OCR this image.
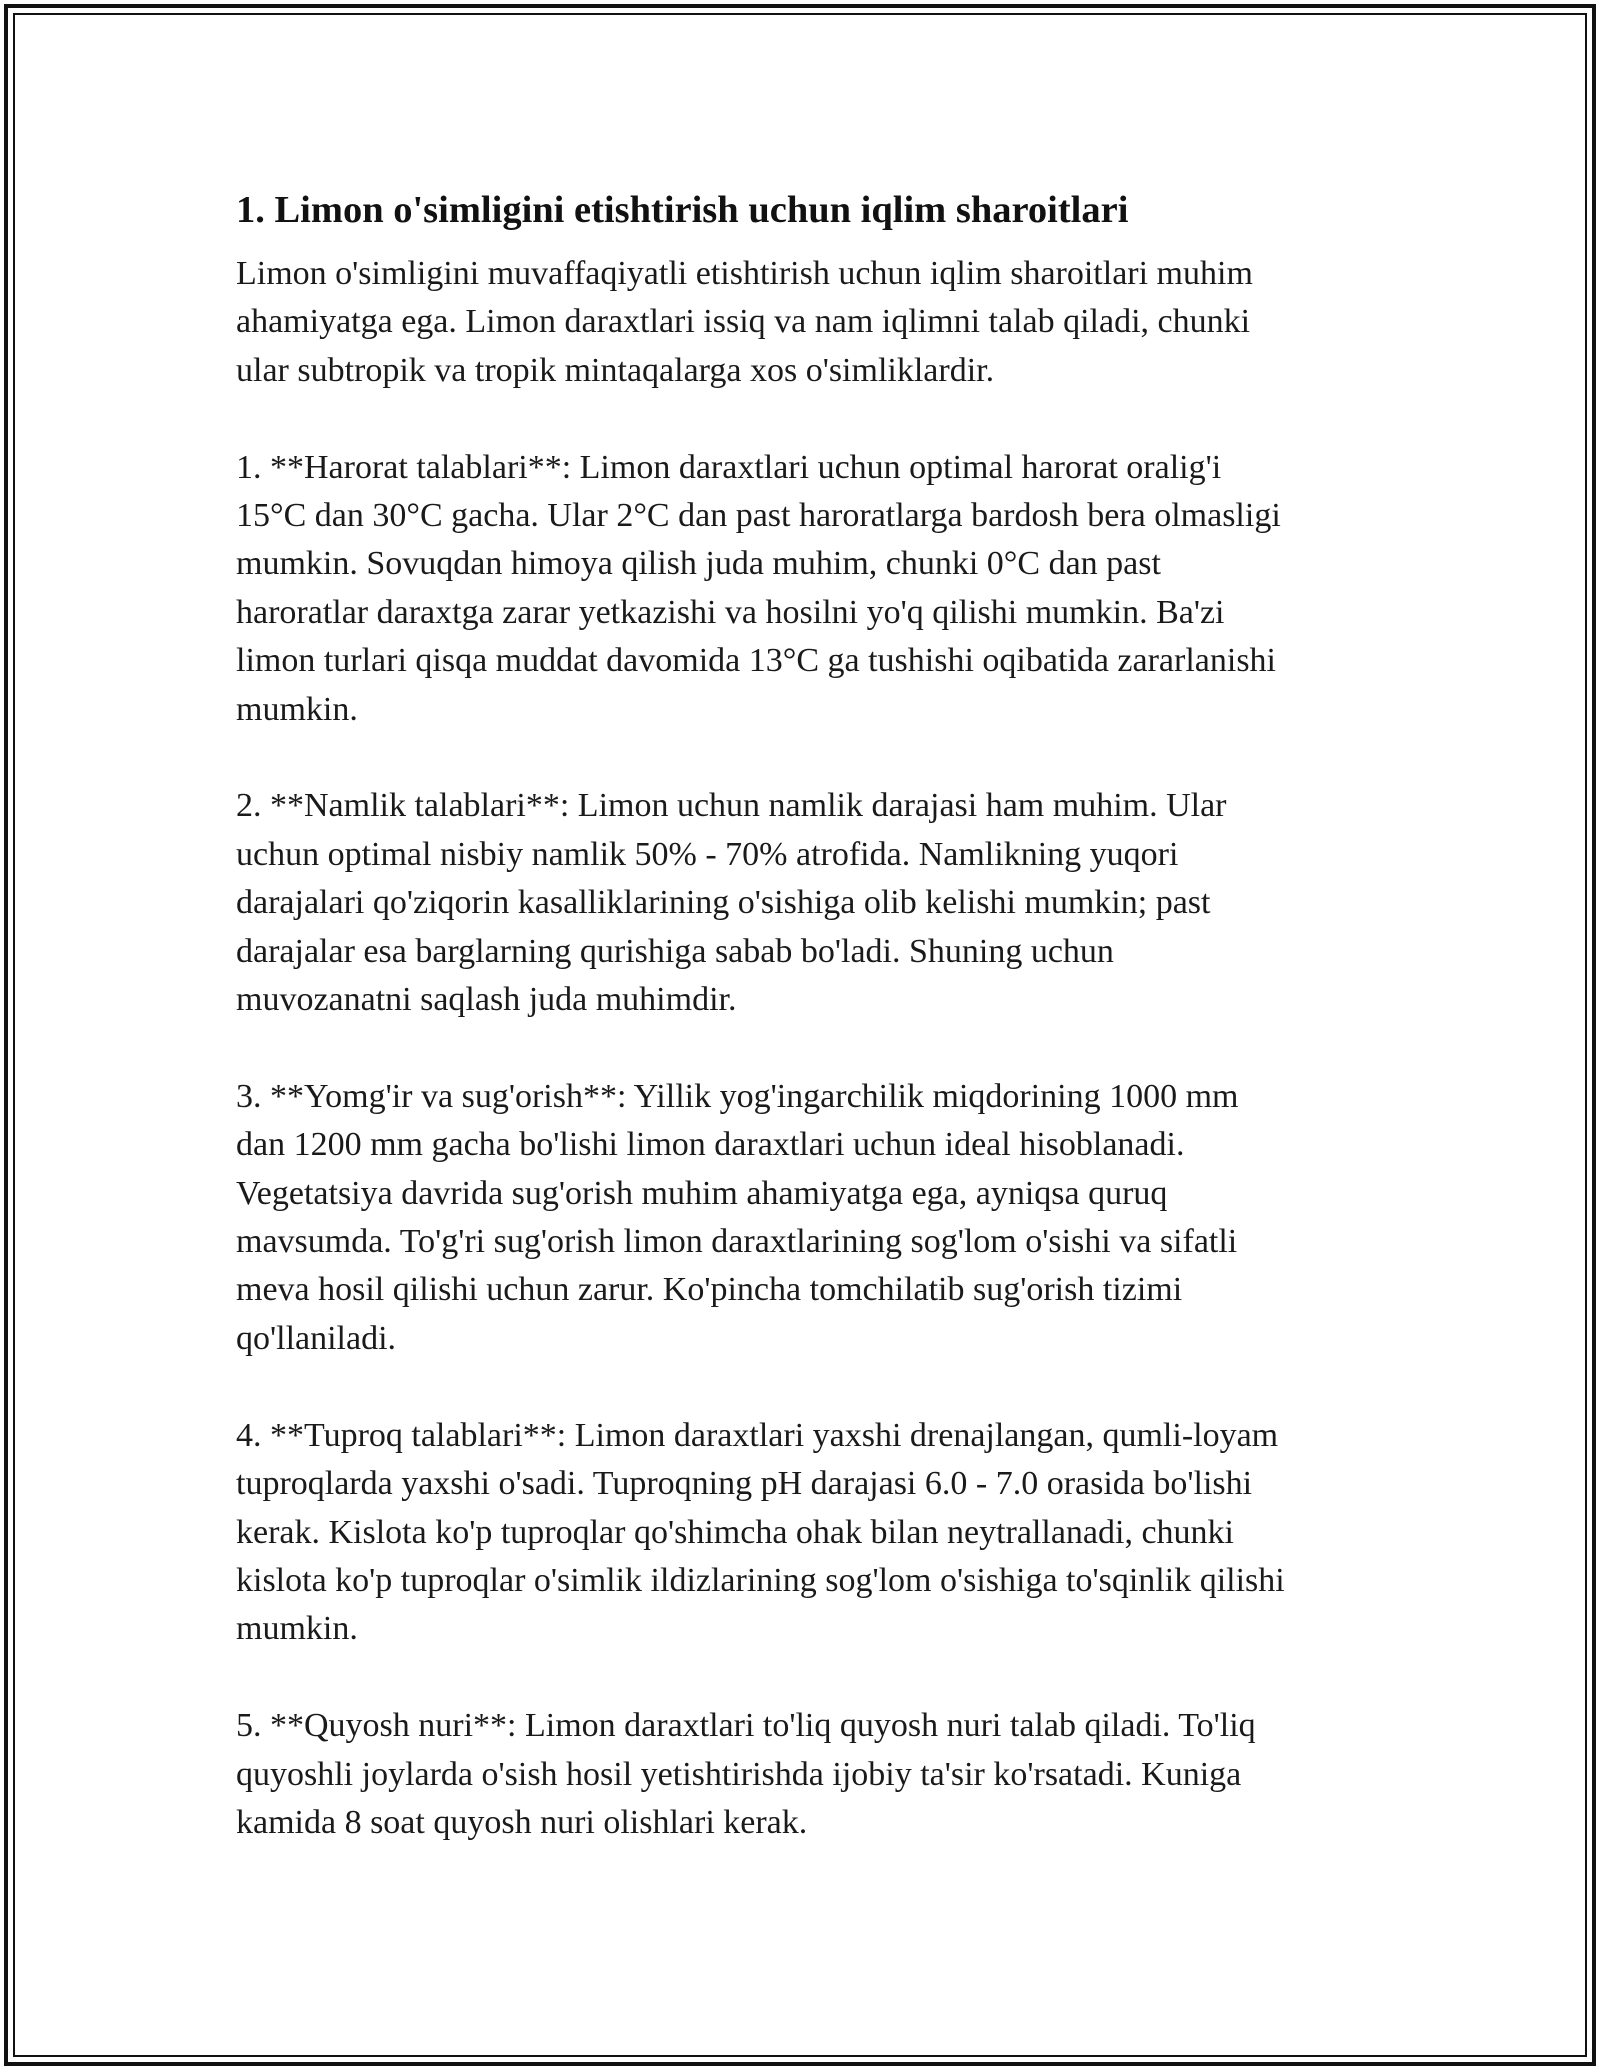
1. Limon o'simligini etishtirish uchun iqlim sharoitlari

Limon o'simligini muvaffaqiyatli etishtirish uchun iqlim sharoitlari muhim
ahamiyatga ega. Limon daraxtlari issiq va nam iqlimni talab qiladi, chunki
ular subtropik va tropik mintaqalarga xos o'simliklardir.

1. **Harorat talablari**: Limon daraxtlari uchun optimal harorat oralig'i
15°C dan 30°C gacha. Ular 2°C dan past haroratlarga bardosh bera olmasligi
mumkin. Sovuqdan himoya qilish juda muhim, chunki 0°C dan past
haroratlar daraxtga zarar yetkazishi va hosilni yo'q qilishi mumkin. Ba'zi
limon turlari qisqa muddat davomida 13°C ga tushishi oqibatida zararlanishi
mumkin.

2. **Namlik talablari**: Limon uchun namlik darajasi ham muhim. Ular
uchun optimal nisbiy namlik 50% - 70% atrofida. Namlikning yuqori
darajalari qo'ziqorin kasalliklarining o'sishiga olib kelishi mumkin; past
darajalar esa barglarning qurishiga sabab bo'ladi. Shuning uchun
muvozanatni saqlash juda muhimdir.

3. **Yomg'ir va sug'orish**: Yillik yog'ingarchilik miqdorining 1000 mm
dan 1200 mm gacha bo'lishi limon daraxtlari uchun ideal hisoblanadi.
Vegetatsiya davrida sug'orish muhim ahamiyatga ega, ayniqsa quruq
mavsumda. To'g'ri sug'orish limon daraxtlarining sog'lom o'sishi va sifatli
meva hosil qilishi uchun zarur. Ko'pincha tomchilatib sug'orish tizimi
qo'llaniladi.

4. **Tuproq talablari**: Limon daraxtlari yaxshi drenajlangan, qumli-loyam
tuproqlarda yaxshi o'sadi. Tuproqning pH darajasi 6.0 - 7.0 orasida bo'lishi
kerak. Kislota ko'p tuproqlar qo'shimcha ohak bilan neytrallanadi, chunki
kislota ko'p tuproqlar o'simlik ildizlarining sog'lom o'sishiga to'sqinlik qilishi
mumkin.

5. **Quyosh nuri**: Limon daraxtlari to'liq quyosh nuri talab qiladi. To'liq
quyoshli joylarda o'sish hosil yetishtirishda ijobiy ta'sir ko'rsatadi. Kuniga
kamida 8 soat quyosh nuri olishlari kerak.
